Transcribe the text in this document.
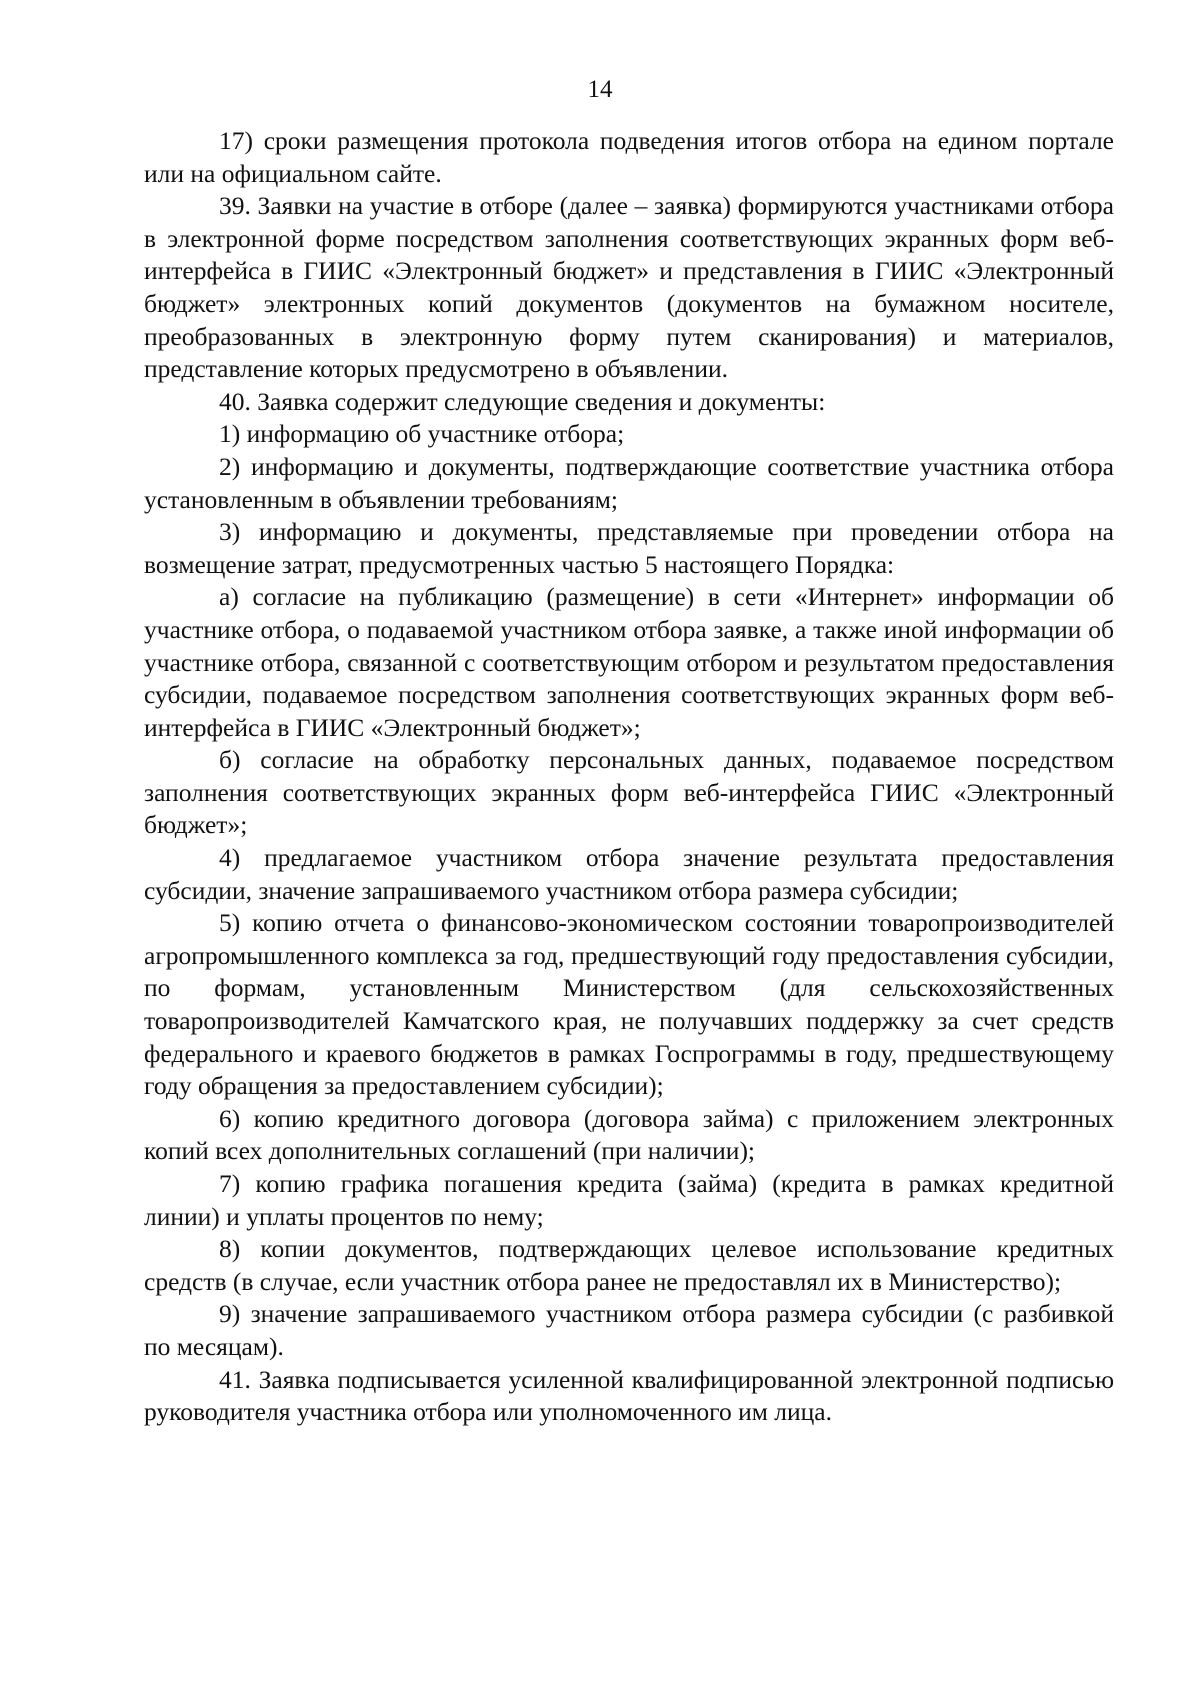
14

17) сроки размещения протокола подведения итогов отбора на едином портале или на официальном сайте.

39. Заявки на участие в отборе (далее – заявка) формируются участниками отбора в электронной форме посредством заполнения соответствующих экранных форм веб-интерфейса в ГИИС «Электронный бюджет» и представления в ГИИС «Электронный бюджет» электронных копий документов (документов на бумажном носителе, преобразованных в электронную форму путем сканирования) и материалов, представление которых предусмотрено в объявлении.

40. Заявка содержит следующие сведения и документы:

1) информацию об участнике отбора;

2) информацию и документы, подтверждающие соответствие участника отбора установленным в объявлении требованиям;

3) информацию и документы, представляемые при проведении отбора на возмещение затрат, предусмотренных частью 5 настоящего Порядка:

а) согласие на публикацию (размещение) в сети «Интернет» информации об участнике отбора, о подаваемой участником отбора заявке, а также иной информации об участнике отбора, связанной с соответствующим отбором и результатом предоставления субсидии, подаваемое посредством заполнения соответствующих экранных форм веб-интерфейса в ГИИС «Электронный бюджет»;

б) согласие на обработку персональных данных, подаваемое посредством заполнения соответствующих экранных форм веб-интерфейса ГИИС «Электронный бюджет»;

4) предлагаемое участником отбора значение результата предоставления субсидии, значение запрашиваемого участником отбора размера субсидии;

5) копию отчета о финансово-экономическом состоянии товаропроизводителей агропромышленного комплекса за год, предшествующий году предоставления субсидии, по формам, установленным Министерством (для сельскохозяйственных товаропроизводителей Камчатского края, не получавших поддержку за счет средств федерального и краевого бюджетов в рамках Госпрограммы в году, предшествующему году обращения за предоставлением субсидии);

6) копию кредитного договора (договора займа) с приложением электронных копий всех дополнительных соглашений (при наличии);

7) копию графика погашения кредита (займа) (кредита в рамках кредитной линии) и уплаты процентов по нему;

8) копии документов, подтверждающих целевое использование кредитных средств (в случае, если участник отбора ранее не предоставлял их в Министерство);

9) значение запрашиваемого участником отбора размера субсидии (с разбивкой по месяцам).

41. Заявка подписывается усиленной квалифицированной электронной подписью руководителя участника отбора или уполномоченного им лица.
